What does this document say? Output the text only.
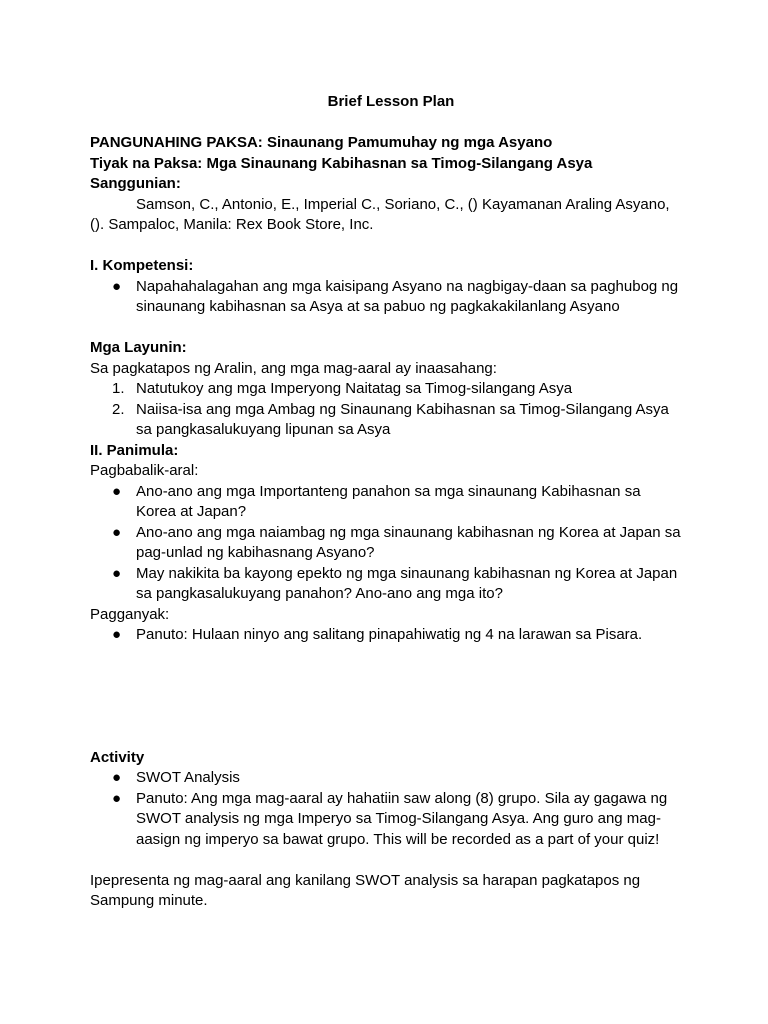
Brief Lesson Plan

PANGUNAHING PAKSA: Sinaunang Pamumuhay ng mga Asyano

Tiyak na Paksa: Mga Sinaunang Kabihasnan sa Timog-Silangang Asya

Sanggunian:

Samson, C., Antonio, E., Imperial C., Soriano, C., () Kayamanan Araling Asyano, (). Sampaloc, Manila: Rex Book Store, Inc.

I. Kompetensi:

● Napahahalagahan ang mga kaisipang Asyano na nagbigay-daan sa paghubog ng sinaunang kabihasnan sa Asya at sa pabuo ng pagkakakilanlang Asyano

Mga Layunin:

Sa pagkatapos ng Aralin, ang mga mag-aaral ay inaasahang:

1. Natutukoy ang mga Imperyong Naitatag sa Timog-silangang Asya
2. Naiisa-isa ang mga Ambag ng Sinaunang Kabihasnan sa Timog-Silangang Asya sa pangkasalukuyang lipunan sa Asya

II. Panimula:

Pagbabalik-aral:

● Ano-ano ang mga Importanteng panahon sa mga sinaunang Kabihasnan sa Korea at Japan?
● Ano-ano ang mga naiambag ng mga sinaunang kabihasnan ng Korea at Japan sa pag-unlad ng kabihasnang Asyano?
● May nakikita ba kayong epekto ng mga sinaunang kabihasnan ng Korea at Japan sa pangkasalukuyang panahon? Ano-ano ang mga ito?

Pagganyak:

● Panuto: Hulaan ninyo ang salitang pinapahiwatig ng 4 na larawan sa Pisara.

Activity

● SWOT Analysis
● Panuto: Ang mga mag-aaral ay hahatiin saw along (8) grupo. Sila ay gagawa ng SWOT analysis ng mga Imperyo sa Timog-Silangang Asya. Ang guro ang mag-aasign ng imperyo sa bawat grupo. This will be recorded as a part of your quiz!

Ipepresenta ng mag-aaral ang kanilang SWOT analysis sa harapan pagkatapos ng Sampung minute.
